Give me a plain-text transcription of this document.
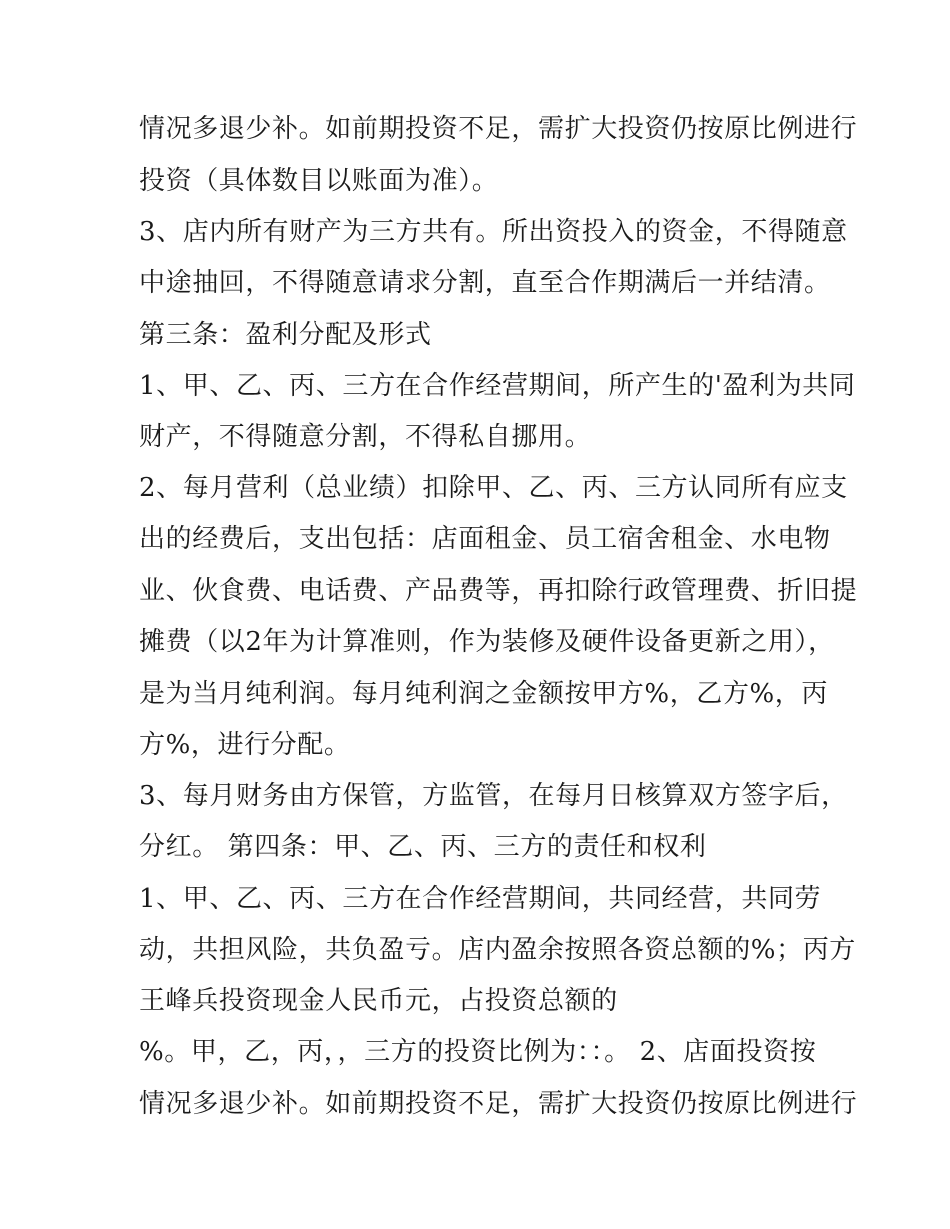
情况多退少补。如前期投资不足，需扩大投资仍按原比例进行
投资（具体数目以账面为准）。
3、店内所有财产为三方共有。所出资投入的资金，不得随意
中途抽回，不得随意请求分割，直至合作期满后一并结清。
第三条：盈利分配及形式
1、甲、乙、丙、三方在合作经营期间，所产生的'盈利为共同
财产，不得随意分割，不得私自挪用。
2、每月营利（总业绩）扣除甲、乙、丙、三方认同所有应支
出的经费后，支出包括：店面租金、员工宿舍租金、水电物
业、伙食费、电话费、产品费等，再扣除行政管理费、折旧提
摊费（以2年为计算准则，作为装修及硬件设备更新之用），
是为当月纯利润。每月纯利润之金额按甲方%，乙方%，丙
方%，进行分配。
3、每月财务由方保管，方监管，在每月日核算双方签字后，
分红。 第四条：甲、乙、丙、三方的责任和权利
1、甲、乙、丙、三方在合作经营期间，共同经营，共同劳
动，共担风险，共负盈亏。店内盈余按照各资总额的%；丙方
王峰兵投资现金人民币元，占投资总额的
%。甲，乙，丙，，三方的投资比例为：：。 2、店面投资按
情况多退少补。如前期投资不足，需扩大投资仍按原比例进行
